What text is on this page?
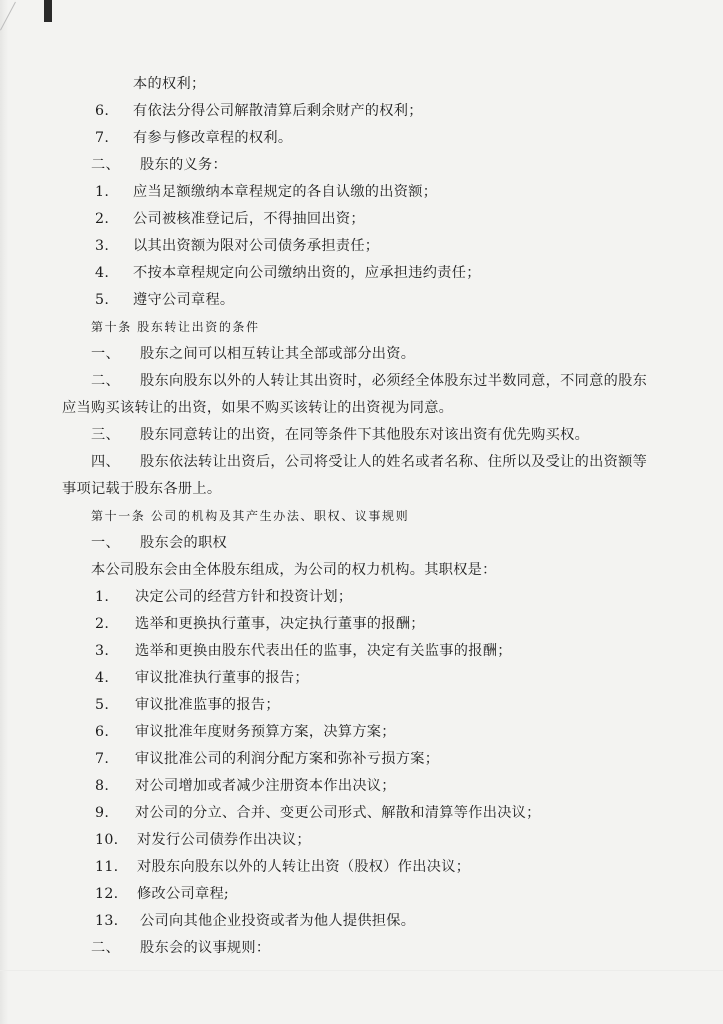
本的权利；
6. 有依法分得公司解散清算后剩余财产的权利；
7. 有参与修改章程的权利。
二、 股东的义务：
1. 应当足额缴纳本章程规定的各自认缴的出资额；
2. 公司被核准登记后，不得抽回出资；
3. 以其出资额为限对公司债务承担责任；
4. 不按本章程规定向公司缴纳出资的，应承担违约责任；
5. 遵守公司章程。
第十条 股东转让出资的条件
一、 股东之间可以相互转让其全部或部分出资。
二、 股东向股东以外的人转让其出资时，必须经全体股东过半数同意，不同意的股东
应当购买该转让的出资，如果不购买该转让的出资视为同意。
三、 股东同意转让的出资，在同等条件下其他股东对该出资有优先购买权。
四、 股东依法转让出资后，公司将受让人的姓名或者名称、住所以及受让的出资额等
事项记载于股东各册上。
第十一条 公司的机构及其产生办法、职权、议事规则
一、 股东会的职权
本公司股东会由全体股东组成，为公司的权力机构。其职权是：
1. 决定公司的经营方针和投资计划；
2. 选举和更换执行董事，决定执行董事的报酬；
3. 选举和更换由股东代表出任的监事，决定有关监事的报酬；
4. 审议批准执行董事的报告；
5. 审议批准监事的报告；
6. 审议批准年度财务预算方案，决算方案；
7. 审议批准公司的利润分配方案和弥补亏损方案；
8. 对公司增加或者减少注册资本作出决议；
9. 对公司的分立、合并、变更公司形式、解散和清算等作出决议；
10. 对发行公司债券作出决议；
11. 对股东向股东以外的人转让出资（股权）作出决议；
12. 修改公司章程;
13. 公司向其他企业投资或者为他人提供担保。
二、 股东会的议事规则：
